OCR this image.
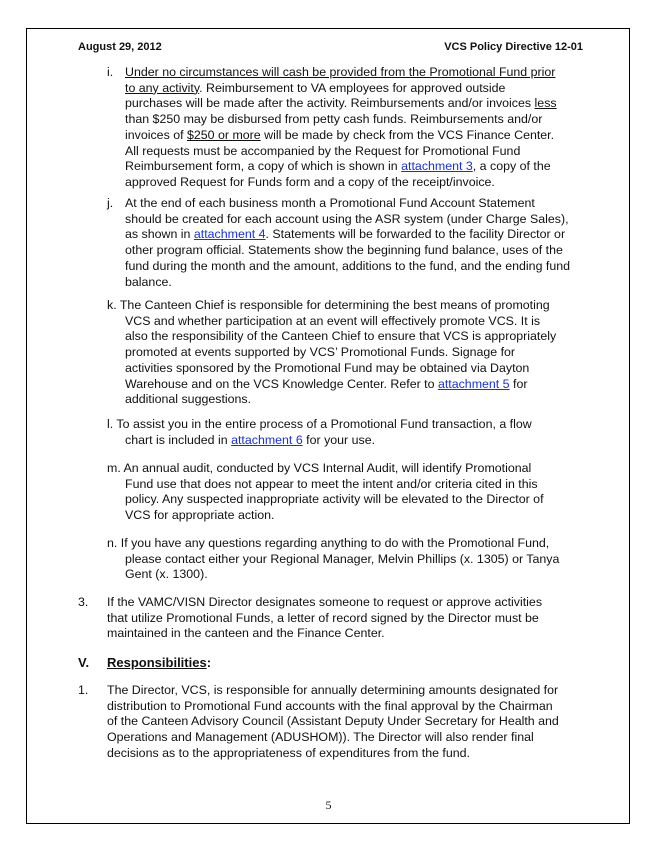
August 29, 2012	VCS Policy Directive 12-01
i. Under no circumstances will cash be provided from the Promotional Fund prior
to any activity. Reimbursement to VA employees for approved outside
purchases will be made after the activity. Reimbursements and/or invoices less
than $250 may be disbursed from petty cash funds. Reimbursements and/or
invoices of $250 or more will be made by check from the VCS Finance Center.
All requests must be accompanied by the Request for Promotional Fund
Reimbursement form, a copy of which is shown in attachment 3, a copy of the
approved Request for Funds form and a copy of the receipt/invoice.
j. At the end of each business month a Promotional Fund Account Statement
should be created for each account using the ASR system (under Charge Sales),
as shown in attachment 4. Statements will be forwarded to the facility Director or
other program official. Statements show the beginning fund balance, uses of the
fund during the month and the amount, additions to the fund, and the ending fund
balance.
k. The Canteen Chief is responsible for determining the best means of promoting
VCS and whether participation at an event will effectively promote VCS. It is
also the responsibility of the Canteen Chief to ensure that VCS is appropriately
promoted at events supported by VCS’ Promotional Funds. Signage for
activities sponsored by the Promotional Fund may be obtained via Dayton
Warehouse and on the VCS Knowledge Center. Refer to attachment 5 for
additional suggestions.
l. To assist you in the entire process of a Promotional Fund transaction, a flow
chart is included in attachment 6 for your use.
m. An annual audit, conducted by VCS Internal Audit, will identify Promotional
Fund use that does not appear to meet the intent and/or criteria cited in this
policy. Any suspected inappropriate activity will be elevated to the Director of
VCS for appropriate action.
n. If you have any questions regarding anything to do with the Promotional Fund,
please contact either your Regional Manager, Melvin Phillips (x. 1305) or Tanya
Gent (x. 1300).
3. If the VAMC/VISN Director designates someone to request or approve activities
that utilize Promotional Funds, a letter of record signed by the Director must be
maintained in the canteen and the Finance Center.
V. Responsibilities:
1. The Director, VCS, is responsible for annually determining amounts designated for
distribution to Promotional Fund accounts with the final approval by the Chairman
of the Canteen Advisory Council (Assistant Deputy Under Secretary for Health and
Operations and Management (ADUSHOM)). The Director will also render final
decisions as to the appropriateness of expenditures from the fund.
5
